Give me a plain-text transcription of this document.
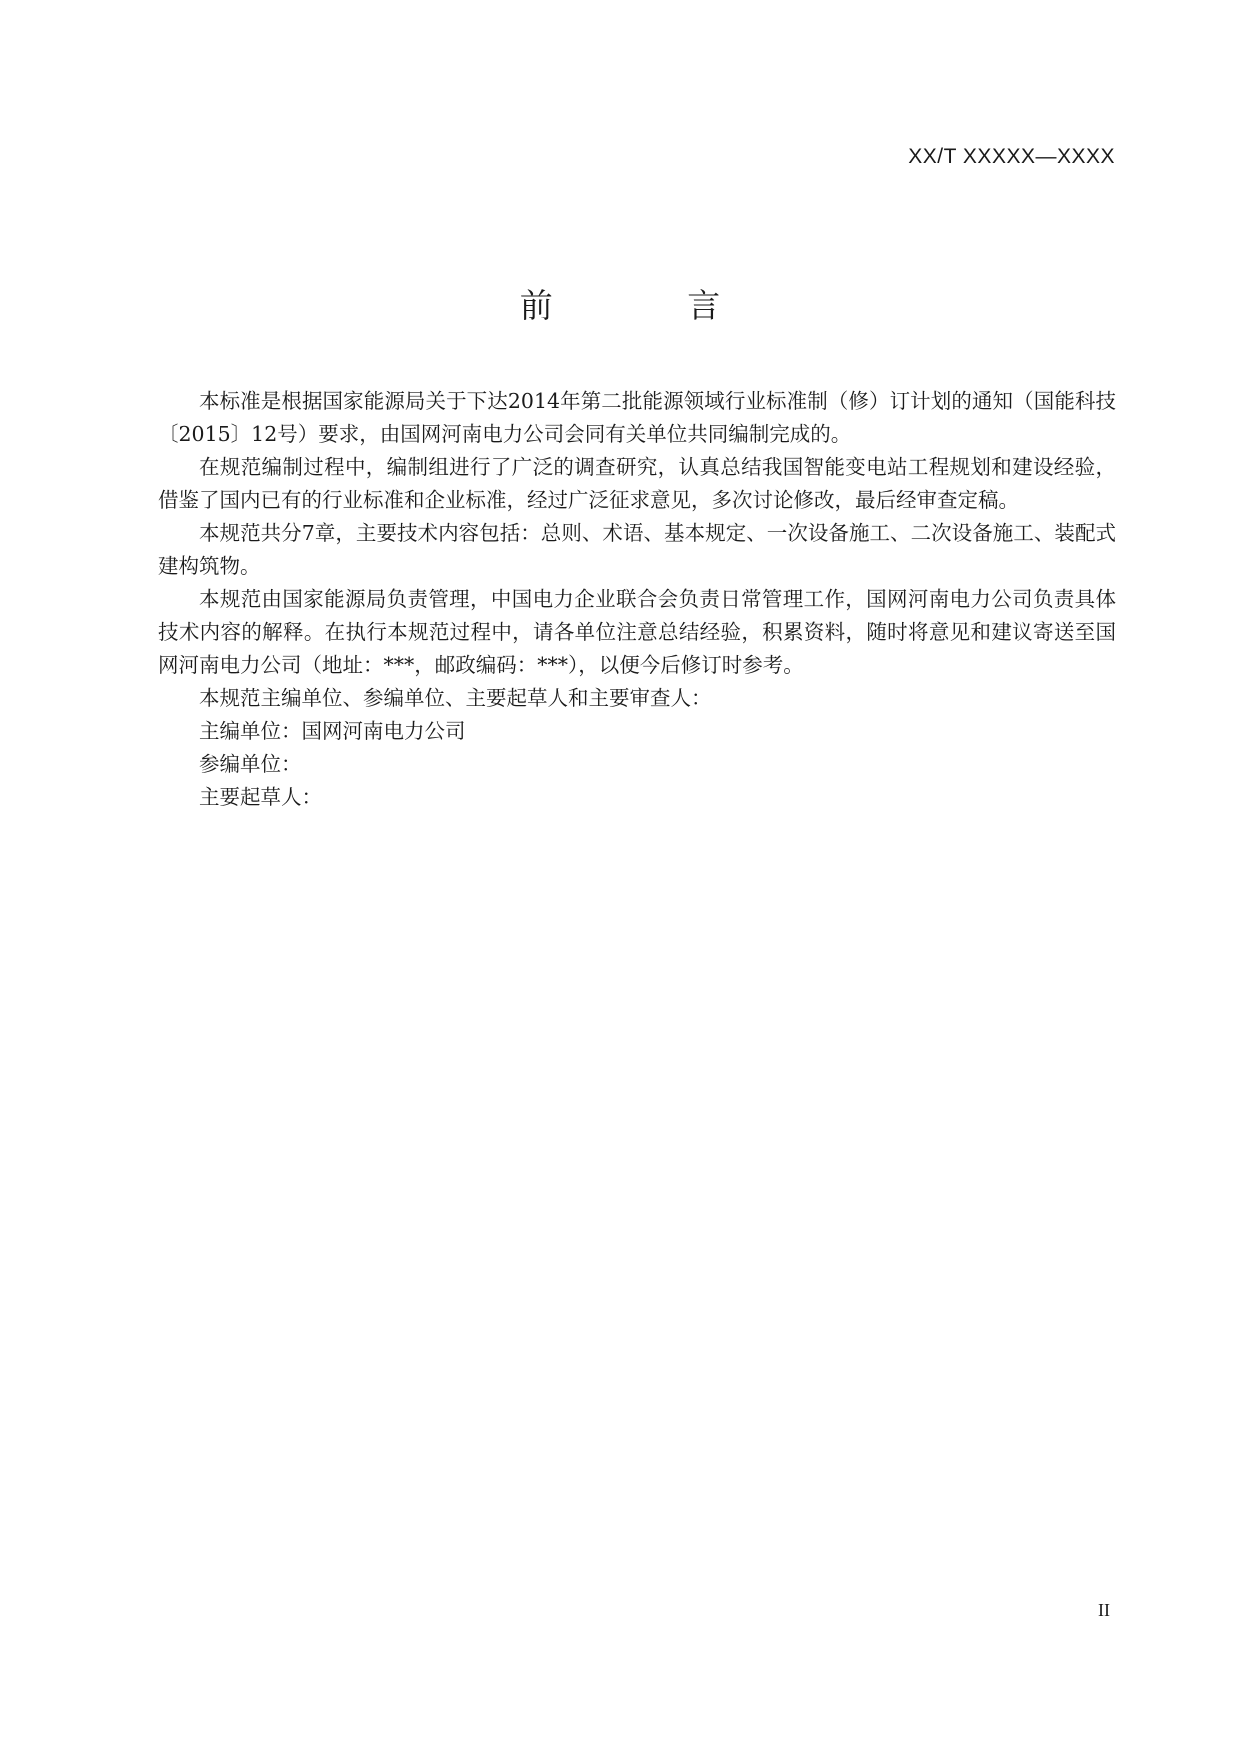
XX/T XXXXX—XXXX
前 言

本标准是根据国家能源局关于下达2014年第二批能源领域行业标准制（修）订计划的通知（国能科技〔2015〕12号）要求，由国网河南电力公司会同有关单位共同编制完成的。

在规范编制过程中，编制组进行了广泛的调查研究，认真总结我国智能变电站工程规划和建设经验，借鉴了国内已有的行业标准和企业标准，经过广泛征求意见，多次讨论修改，最后经审查定稿。

本规范共分7章，主要技术内容包括：总则、术语、基本规定、一次设备施工、二次设备施工、装配式建构筑物。

本规范由国家能源局负责管理，中国电力企业联合会负责日常管理工作，国网河南电力公司负责具体技术内容的解释。在执行本规范过程中，请各单位注意总结经验，积累资料，随时将意见和建议寄送至国网河南电力公司（地址：***，邮政编码：***），以便今后修订时参考。

本规范主编单位、参编单位、主要起草人和主要审查人：

主编单位：国网河南电力公司

参编单位：

主要起草人：

II
